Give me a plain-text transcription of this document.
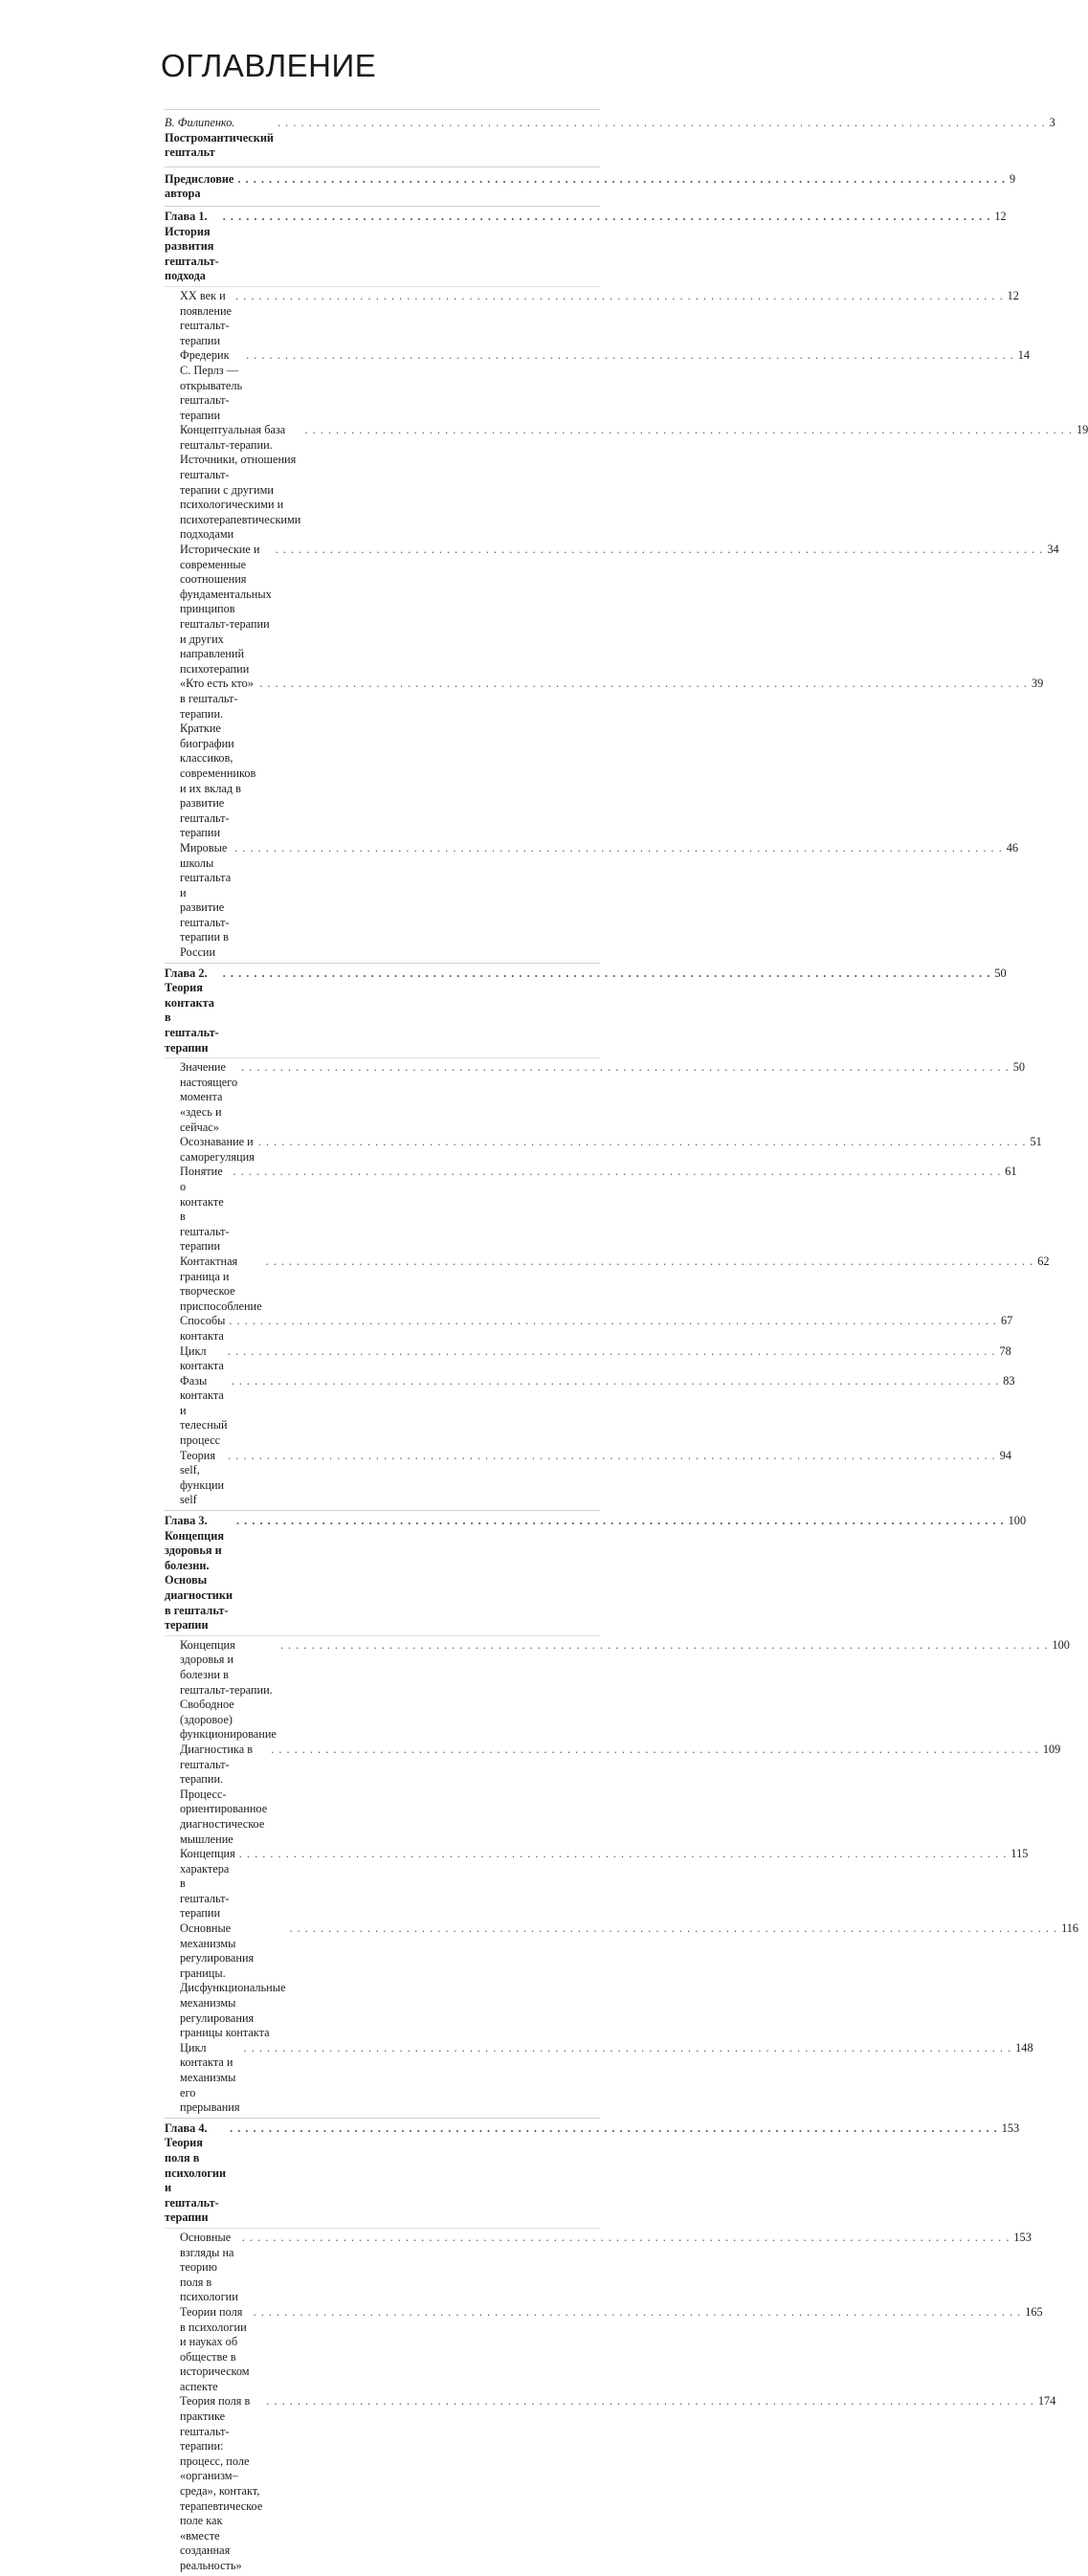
ОГЛАВЛЕНИЕ
В. Филипенко. Постромантический гештальт
. . .
3
Предисловие автора
. . .
9
Глава 1. История развития гештальт-подхода
. . .
12
XX век и появление гештальт-терапии
. . .
12
Фредерик С. Перлз — открыватель гештальт-терапии
. . .
14
Концептуальная база гештальт-терапии. Источники, отношения гештальт-
терапии с другими психологическими и психотерапевтическими
подходами
. . .
19
Исторические и современные соотношения фундаментальных принципов
гештальт-терапии и других направлений психотерапии
. . .
34
«Кто есть кто» в гештальт-терапии. Краткие биографии классиков,
современников и их вклад в развитие гештальт-терапии
. . .
39
Мировые школы гештальта и развитие гештальт-терапии в России
. . .
46
Глава 2. Теория контакта в гештальт-терапии
. . .
50
Значение настоящего момента «здесь и сейчас»
. . .
50
Осознавание и саморегуляция
. . .
51
Понятие о контакте в гештальт-терапии
. . .
61
Контактная граница и творческое приспособление
. . .
62
Способы контакта
. . .
67
Цикл контакта
. . .
78
Фазы контакта и телесный процесс
. . .
83
Теория self, функции self
. . .
94
Глава 3. Концепция здоровья и болезни. Основы диагностики
в гештальт-терапии
. . .
100
Концепция здоровья и болезни в гештальт-терапии. Свободное (здоровое)
функционирование
. . .
100
Диагностика в гештальт-терапии. Процесс-ориентированное
диагностическое мышление
. . .
109
Концепция характера в гештальт-терапии
. . .
115
Основные механизмы регулирования границы. Дисфункциональные
механизмы регулирования границы контакта
. . .
116
Цикл контакта и механизмы его прерывания
. . .
148
Глава 4. Теория поля в психологии и гештальт-терапии
. . .
153
Основные взгляды на теорию поля в психологии
. . .
153
Теории поля в психологии и науках об обществе в историческом аспекте
. . .
165
Теория поля в практике гештальт-терапии: процесс, поле
«организм–среда», контакт, терапевтическое поле как «вместе созданная
реальность»
. . .
174
